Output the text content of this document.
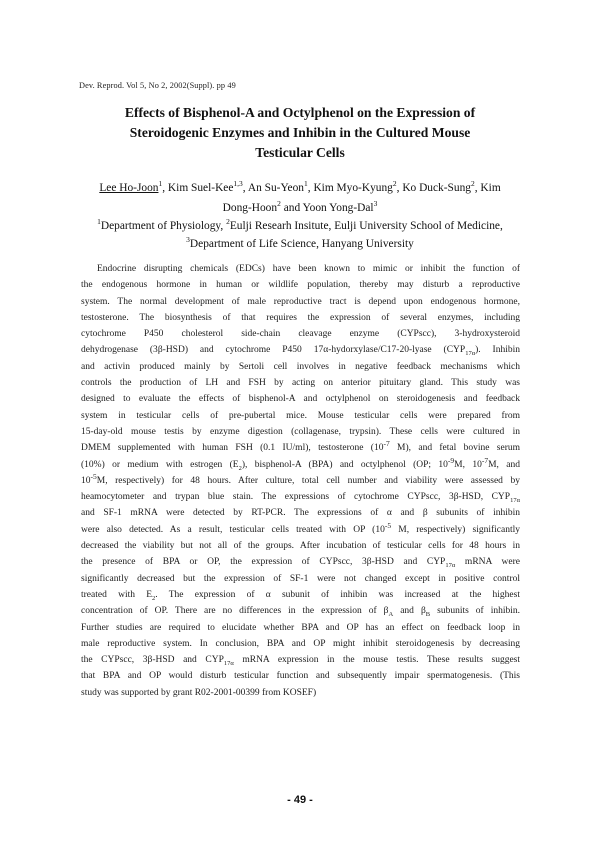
Dev. Reprod. Vol 5, No 2, 2002(Suppl). pp 49
Effects of Bisphenol-A and Octylphenol on the Expression of
Steroidogenic Enzymes and Inhibin in the Cultured Mouse
Testicular Cells
Lee Ho-Joon$^1$, Kim Suel-Kee$^{1,3}$, An Su-Yeon$^1$, Kim Myo-Kyung$^2$, Ko Duck-Sung$^2$, Kim
Dong-Hoon$^2$ and Yoon Yong-Dal$^3$
$^1$Department of Physiology, $^2$Eulji Researh Insitute, Eulji University School of Medicine,
$^3$Department of Life Science, Hanyang University
Endocrine disrupting chemicals (EDCs) have been known to mimic or inhibit the function of
the endogenous hormone in human or wildlife population, thereby may disturb a reproductive
system. The normal development of male reproductive tract is depend upon endogenous hormone,
testosterone. The biosynthesis of that requires the expression of several enzymes, including
cytochrome P450 cholesterol side-chain cleavage enzyme (CYPscc), 3-hydroxysteroid
dehydrogenase (3β-HSD) and cytochrome P450 17α-hydorxylase/C17-20-lyase $(CYP_{17\alpha})$. Inhibin
and activin produced mainly by Sertoli cell involves in negative feedback mechanisms which
controls the production of LH and FSH by acting on anterior pituitary gland. This study was
designed to evaluate the effects of bisphenol-A and octylphenol on steroidogenesis and feedback
system in testicular cells of pre-pubertal mice. Mouse testicular cells were prepared from
15-day-old mouse testis by enzyme digestion (collagenase, trypsin). These cells were cultured in
DMEM supplemented with human FSH (0.1 IU/ml), testosterone ($10^{-7}$ M), and fetal bovine serum
(10%) or medium with estrogen $(E_2)$, bisphenol-A (BPA) and octylphenol (OP; $10^{-9}M$, $10^{-7}M$, and
$10^{-5}M$, respectively) for 48 hours. After culture, total cell number and viability were assessed by
heamocytometer and trypan blue stain. The expressions of cytochrome CYPscc, 3β-HSD, $CYP_{17\alpha}$
and SF-1 mRNA were detected by RT-PCR. The expressions of α and β subunits of inhibin
were also detected. As a result, testicular cells treated with OP ($10^{-5}$ M, respectively) significantly
decreased the viability but not all of the groups. After incubation of testicular cells for 48 hours in
the presence of BPA or OP, the expression of CYPscc, 3β-HSD and $CYP_{17\alpha}$ mRNA were
significantly decreased but the expression of SF-1 were not changed except in positive control
treated with $E_2$. The expression of α subunit of inhibin was increased at the highest
concentration of OP. There are no differences in the expression of $\beta_A$ and $\beta_B$ subunits of inhibin.
Further studies are required to elucidate whether BPA and OP has an effect on feedback loop in
male reproductive system. In conclusion, BPA and OP might inhibit steroidogenesis by decreasing
the CYPscc, 3β-HSD and $CYP_{17\alpha}$ mRNA expression in the mouse testis. These results suggest
that BPA and OP would disturb testicular function and subsequently impair spermatogenesis. (This
study was supported by grant R02-2001-00399 from KOSEF)
- 49 -
